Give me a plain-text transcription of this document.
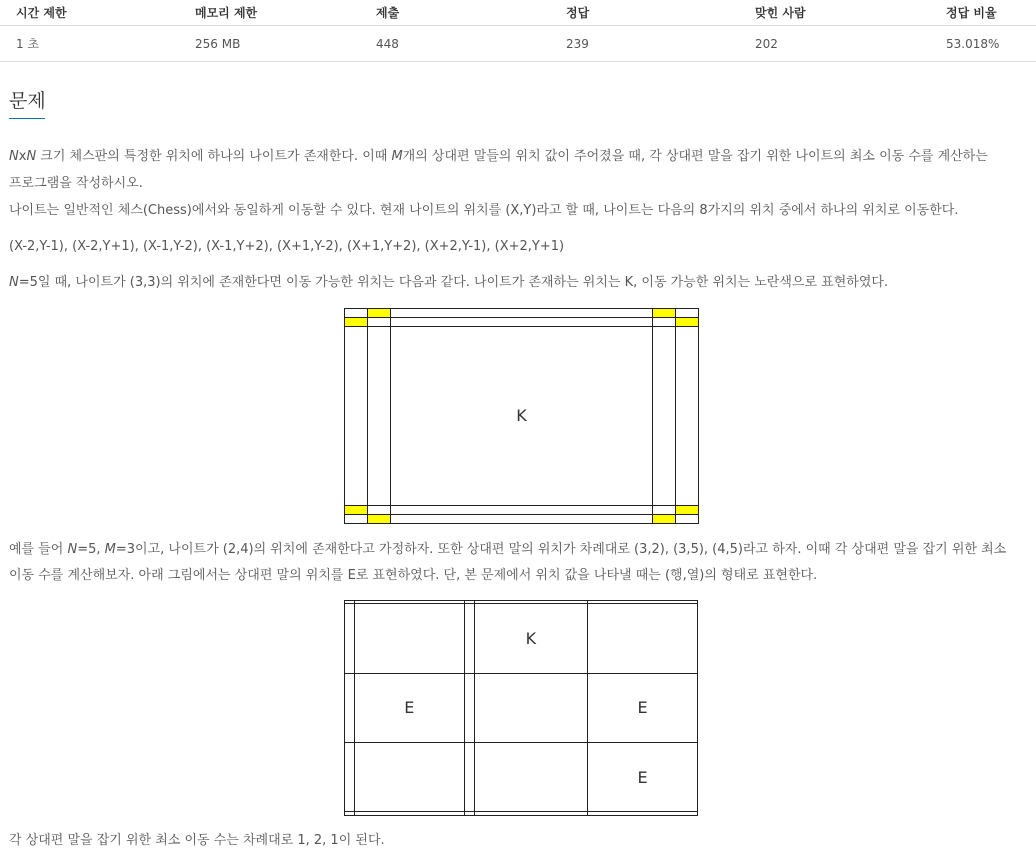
시간 제한	메모리 제한	제출	정답	맞힌 사람	정답 비율
1 초	256 MB	448	239	202	53.018%
문제

NxN 크기 체스판의 특정한 위치에 하나의 나이트가 존재한다. 이때 M개의 상대편 말들의 위치 값이 주어졌을 때, 각 상대편 말을 잡기 위한 나이트의 최소 이동 수를 계산하는

프로그램을 작성하시오.

나이트는 일반적인 체스(Chess)에서와 동일하게 이동할 수 있다. 현재 나이트의 위치를 (X,Y)라고 할 때, 나이트는 다음의 8가지의 위치 중에서 하나의 위치로 이동한다.

(X-2,Y-1), (X-2,Y+1), (X-1,Y-2), (X-1,Y+2), (X+1,Y-2), (X+1,Y+2), (X+2,Y-1), (X+2,Y+1)

N=5일 때, 나이트가 (3,3)의 위치에 존재한다면 이동 가능한 위치는 다음과 같다. 나이트가 존재하는 위치는 K, 이동 가능한 위치는 노란색으로 표현하였다.

		K		

예를 들어 N=5, M=3이고, 나이트가 (2,4)의 위치에 존재한다고 가정하자. 또한 상대편 말의 위치가 차례대로 (3,2), (3,5), (4,5)라고 하자. 이때 각 상대편 말을 잡기 위한 최소

이동 수를 계산해보자. 아래 그림에서는 상대편 말의 위치를 E로 표현하였다. 단, 본 문제에서 위치 값을 나타낼 때는 (행,열)의 형태로 표현한다.

			K	
	E			E
				E

각 상대편 말을 잡기 위한 최소 이동 수는 차례대로 1, 2, 1이 된다.
